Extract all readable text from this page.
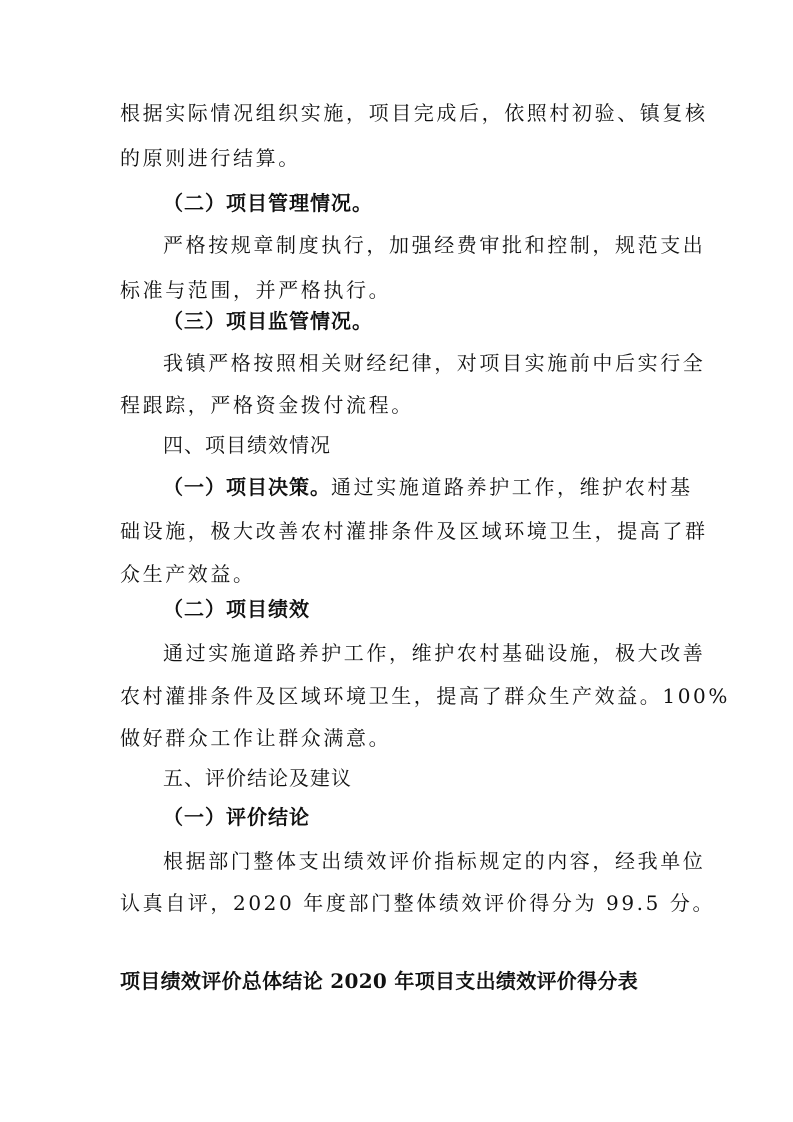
根据实际情况组织实施，项目完成后，依照村初验、镇复核
的原则进行结算。
（二）项目管理情况。
严格按规章制度执行，加强经费审批和控制，规范支出
标准与范围，并严格执行。
（三）项目监管情况。
我镇严格按照相关财经纪律，对项目实施前中后实行全
程跟踪，严格资金拨付流程。
四、项目绩效情况
（一）项目决策。通过实施道路养护工作，维护农村基
础设施，极大改善农村灌排条件及区域环境卫生，提高了群
众生产效益。
（二）项目绩效
通过实施道路养护工作，维护农村基础设施，极大改善
农村灌排条件及区域环境卫生，提高了群众生产效益。100%
做好群众工作让群众满意。
五、评价结论及建议
（一）评价结论
根据部门整体支出绩效评价指标规定的内容，经我单位
认真自评，2020 年度部门整体绩效评价得分为 99.5 分。
项目绩效评价总体结论 2020 年项目支出绩效评价得分表
